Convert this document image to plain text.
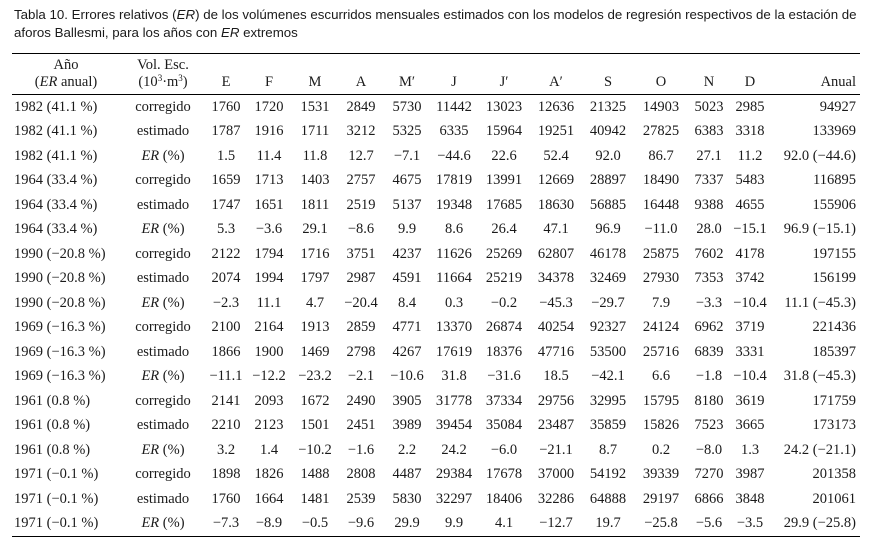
Tabla 10. Errores relativos (ER) de los volúmenes escurridos mensuales estimados con los modelos de regresión respectivos de la estación de aforos Ballesmi, para los años con ER extremos
Año	Vol. Esc.	E	F	M	A	M′	J	J′	A′	S	O	N	D	Anual
(ER anual)	$(10^3\cdot m^3)$													
1982 (41.1 %)	corregido	1760	1720	1531	2849	5730	11442	13023	12636	21325	14903	5023	2985	94927
1982 (41.1 %)	estimado	1787	1916	1711	3212	5325	6335	15964	19251	40942	27825	6383	3318	133969
1982 (41.1 %)	ER (%)	1.5	11.4	11.8	12.7	−7.1	−44.6	22.6	52.4	92.0	86.7	27.1	11.2	92.0 (−44.6)
1964 (33.4 %)	corregido	1659	1713	1403	2757	4675	17819	13991	12669	28897	18490	7337	5483	116895
1964 (33.4 %)	estimado	1747	1651	1811	2519	5137	19348	17685	18630	56885	16448	9388	4655	155906
1964 (33.4 %)	ER (%)	5.3	−3.6	29.1	−8.6	9.9	8.6	26.4	47.1	96.9	−11.0	28.0	−15.1	96.9 (−15.1)
1990 (−20.8 %)	corregido	2122	1794	1716	3751	4237	11626	25269	62807	46178	25875	7602	4178	197155
1990 (−20.8 %)	estimado	2074	1994	1797	2987	4591	11664	25219	34378	32469	27930	7353	3742	156199
1990 (−20.8 %)	ER (%)	−2.3	11.1	4.7	−20.4	8.4	0.3	−0.2	−45.3	−29.7	7.9	−3.3	−10.4	11.1 (−45.3)
1969 (−16.3 %)	corregido	2100	2164	1913	2859	4771	13370	26874	40254	92327	24124	6962	3719	221436
1969 (−16.3 %)	estimado	1866	1900	1469	2798	4267	17619	18376	47716	53500	25716	6839	3331	185397
1969 (−16.3 %)	ER (%)	−11.1	−12.2	−23.2	−2.1	−10.6	31.8	−31.6	18.5	−42.1	6.6	−1.8	−10.4	31.8 (−45.3)
1961 (0.8 %)	corregido	2141	2093	1672	2490	3905	31778	37334	29756	32995	15795	8180	3619	171759
1961 (0.8 %)	estimado	2210	2123	1501	2451	3989	39454	35084	23487	35859	15826	7523	3665	173173
1961 (0.8 %)	ER (%)	3.2	1.4	−10.2	−1.6	2.2	24.2	−6.0	−21.1	8.7	0.2	−8.0	1.3	24.2 (−21.1)
1971 (−0.1 %)	corregido	1898	1826	1488	2808	4487	29384	17678	37000	54192	39339	7270	3987	201358
1971 (−0.1 %)	estimado	1760	1664	1481	2539	5830	32297	18406	32286	64888	29197	6866	3848	201061
1971 (−0.1 %)	ER (%)	−7.3	−8.9	−0.5	−9.6	29.9	9.9	4.1	−12.7	19.7	−25.8	−5.6	−3.5	29.9 (−25.8)
